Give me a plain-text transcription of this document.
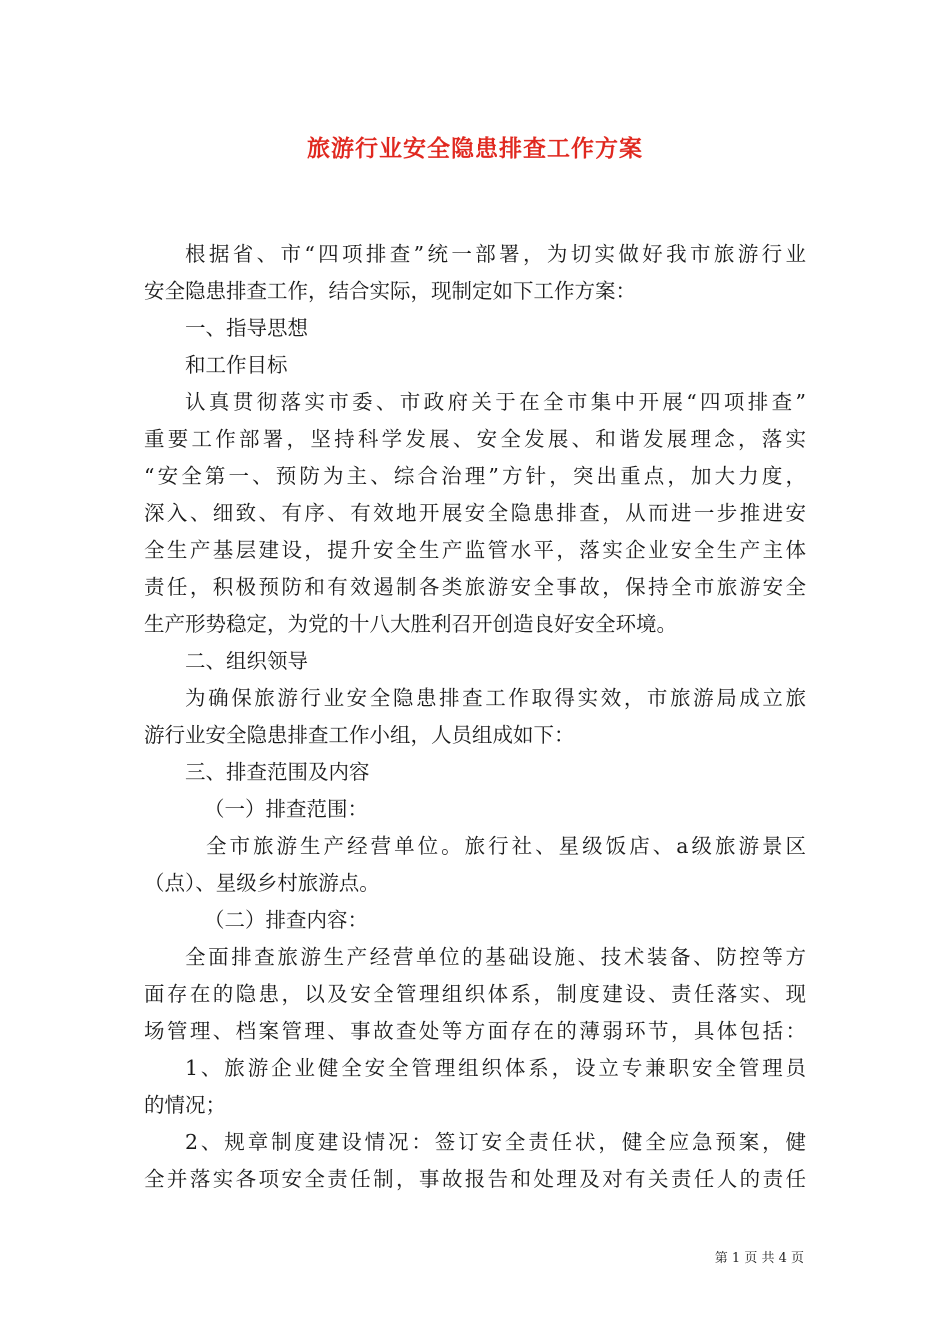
旅游行业安全隐患排查工作方案
根据省、市“四项排查”统一部署，为切实做好我市旅游行业
安全隐患排查工作，结合实际，现制定如下工作方案：
一、指导思想
和工作目标
认真贯彻落实市委、市政府关于在全市集中开展“四项排查”
重要工作部署，坚持科学发展、安全发展、和谐发展理念，落实
“安全第一、预防为主、综合治理”方针，突出重点，加大力度，
深入、细致、有序、有效地开展安全隐患排查，从而进一步推进安
全生产基层建设，提升安全生产监管水平，落实企业安全生产主体
责任，积极预防和有效遏制各类旅游安全事故，保持全市旅游安全
生产形势稳定，为党的十八大胜利召开创造良好安全环境。
二、组织领导
为确保旅游行业安全隐患排查工作取得实效，市旅游局成立旅
游行业安全隐患排查工作小组，人员组成如下：
三、排查范围及内容
（一）排查范围：
全市旅游生产经营单位。旅行社、星级饭店、a级旅游景区
（点）、星级乡村旅游点。
（二）排查内容：
全面排查旅游生产经营单位的基础设施、技术装备、防控等方
面存在的隐患，以及安全管理组织体系，制度建设、责任落实、现
场管理、档案管理、事故查处等方面存在的薄弱环节，具体包括：
1、旅游企业健全安全管理组织体系，设立专兼职安全管理员
的情况；
2、规章制度建设情况：签订安全责任状，健全应急预案，健
全并落实各项安全责任制，事故报告和处理及对有关责任人的责任
第 1 页 共 4 页
